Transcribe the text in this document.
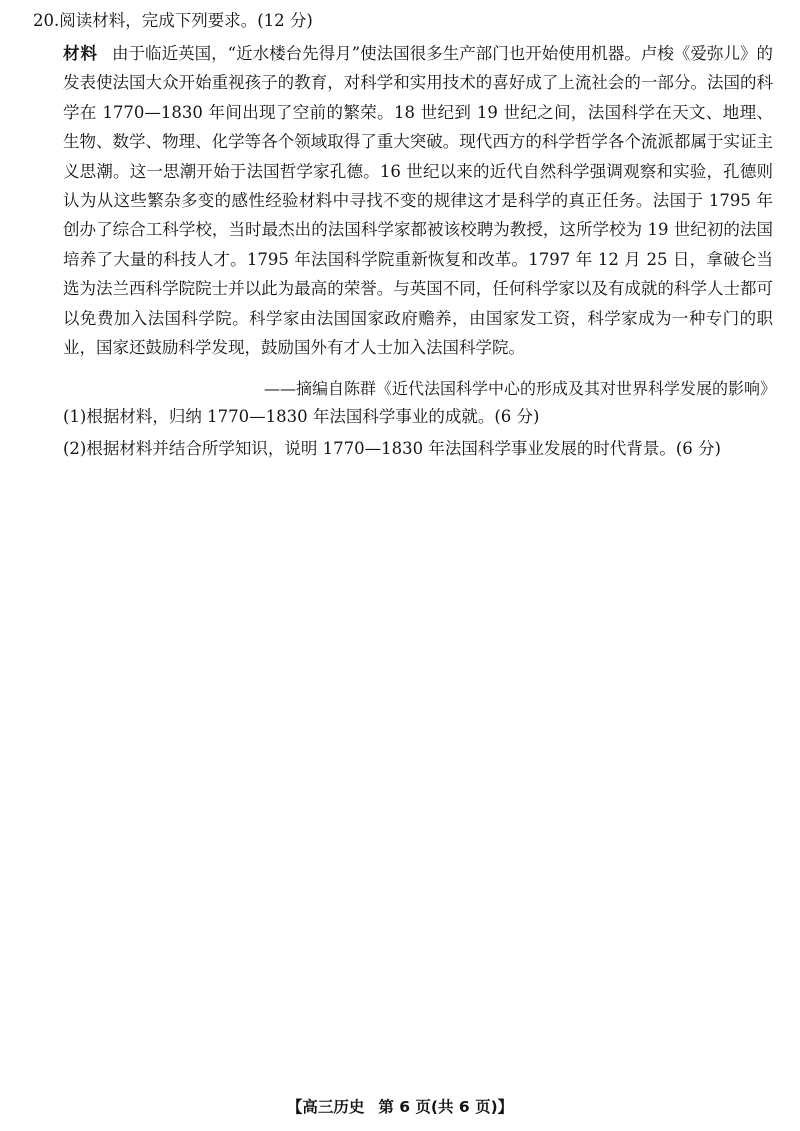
20.阅读材料，完成下列要求。(12 分)
材料 由于临近英国，“近水楼台先得月”使法国很多生产部门也开始使用机器。卢梭《爱弥儿》的发表使法国大众开始重视孩子的教育，对科学和实用技术的喜好成了上流社会的一部分。法国的科学在 1770—1830 年间出现了空前的繁荣。18 世纪到 19 世纪之间，法国科学在天文、地理、生物、数学、物理、化学等各个领域取得了重大突破。现代西方的科学哲学各个流派都属于实证主义思潮。这一思潮开始于法国哲学家孔德。16 世纪以来的近代自然科学强调观察和实验，孔德则认为从这些繁杂多变的感性经验材料中寻找不变的规律这才是科学的真正任务。法国于 1795 年创办了综合工科学校，当时最杰出的法国科学家都被该校聘为教授，这所学校为 19 世纪初的法国培养了大量的科技人才。1795 年法国科学院重新恢复和改革。1797 年 12 月 25 日，拿破仑当选为法兰西科学院院士并以此为最高的荣誉。与英国不同，任何科学家以及有成就的科学人士都可以免费加入法国科学院。科学家由法国国家政府赡养，由国家发工资，科学家成为一种专门的职业，国家还鼓励科学发现，鼓励国外有才人士加入法国科学院。
——摘编自陈群《近代法国科学中心的形成及其对世界科学发展的影响》
(1)根据材料，归纳 1770—1830 年法国科学事业的成就。(6 分)
(2)根据材料并结合所学知识，说明 1770—1830 年法国科学事业发展的时代背景。(6 分)
【高三历史 第 6 页(共 6 页)】
